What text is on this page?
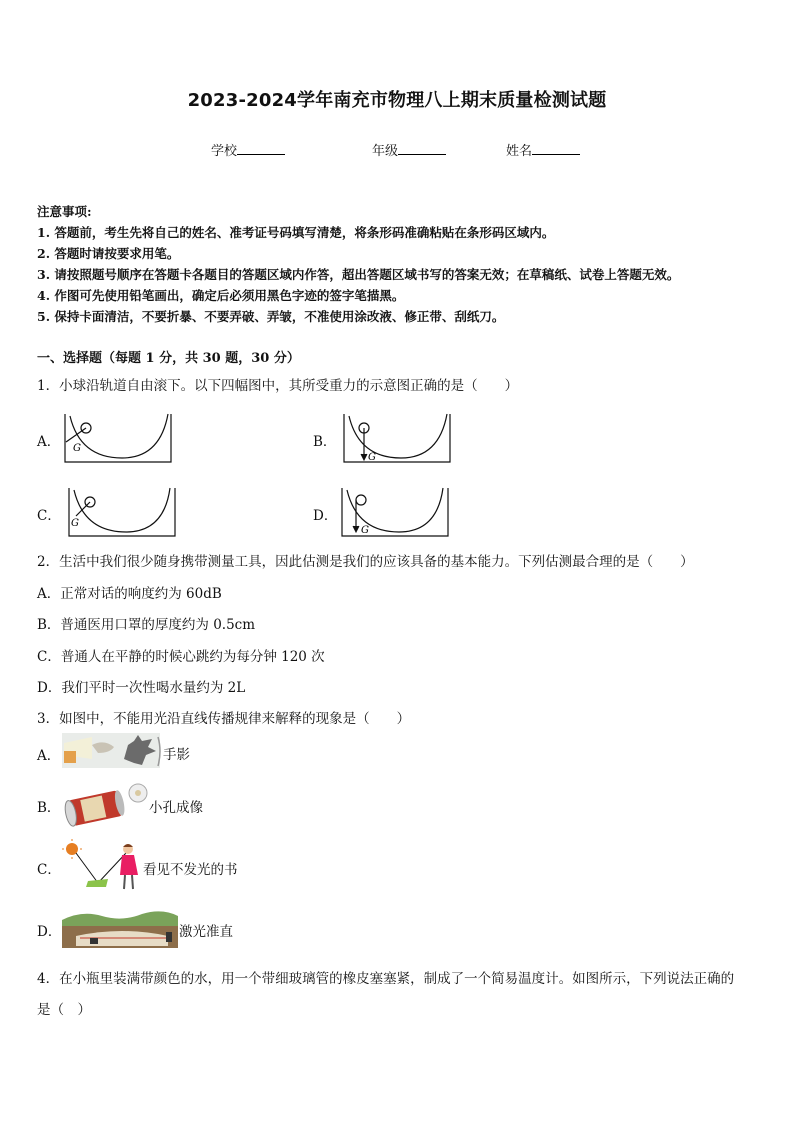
2023-2024学年南充市物理八上期末质量检测试题
学校	年级	姓名
注意事项:
1. 答题前，考生先将自己的姓名、准考证号码填写清楚，将条形码准确粘贴在条形码区域内。
2. 答题时请按要求用笔。
3. 请按照题号顺序在答题卡各题目的答题区域内作答，超出答题区域书写的答案无效；在草稿纸、试卷上答题无效。
4. 作图可先使用铅笔画出，确定后必须用黑色字迹的签字笔描黑。
5. 保持卡面清洁，不要折暴、不要弄破、弄皱，不准使用涂改液、修正带、刮纸刀。
一、选择题（每题 1 分，共 30 题，30 分）
1．小球沿轨道自由滚下。以下四幅图中，其所受重力的示意图正确的是（　　）
A． G	B．
G
C． G	D．
G
2．生活中我们很少随身携带测量工具，因此估测是我们的应该具备的基本能力。下列估测最合理的是（　　）
A．正常对话的响度约为 60dB
B．普通医用口罩的厚度约为 0.5cm
C．普通人在平静的时候心跳约为每分钟 120 次
D．我们平时一次性喝水量约为 2L
3．如图中，不能用光沿直线传播规律来解释的现象是（　　）
A．	手影
B．	小孔成像
C．	看见不发光的书
D．	激光准直
4．在小瓶里装满带颜色的水，用一个带细玻璃管的橡皮塞塞紧，制成了一个简易温度计。如图所示，下列说法正确的
是（　）
